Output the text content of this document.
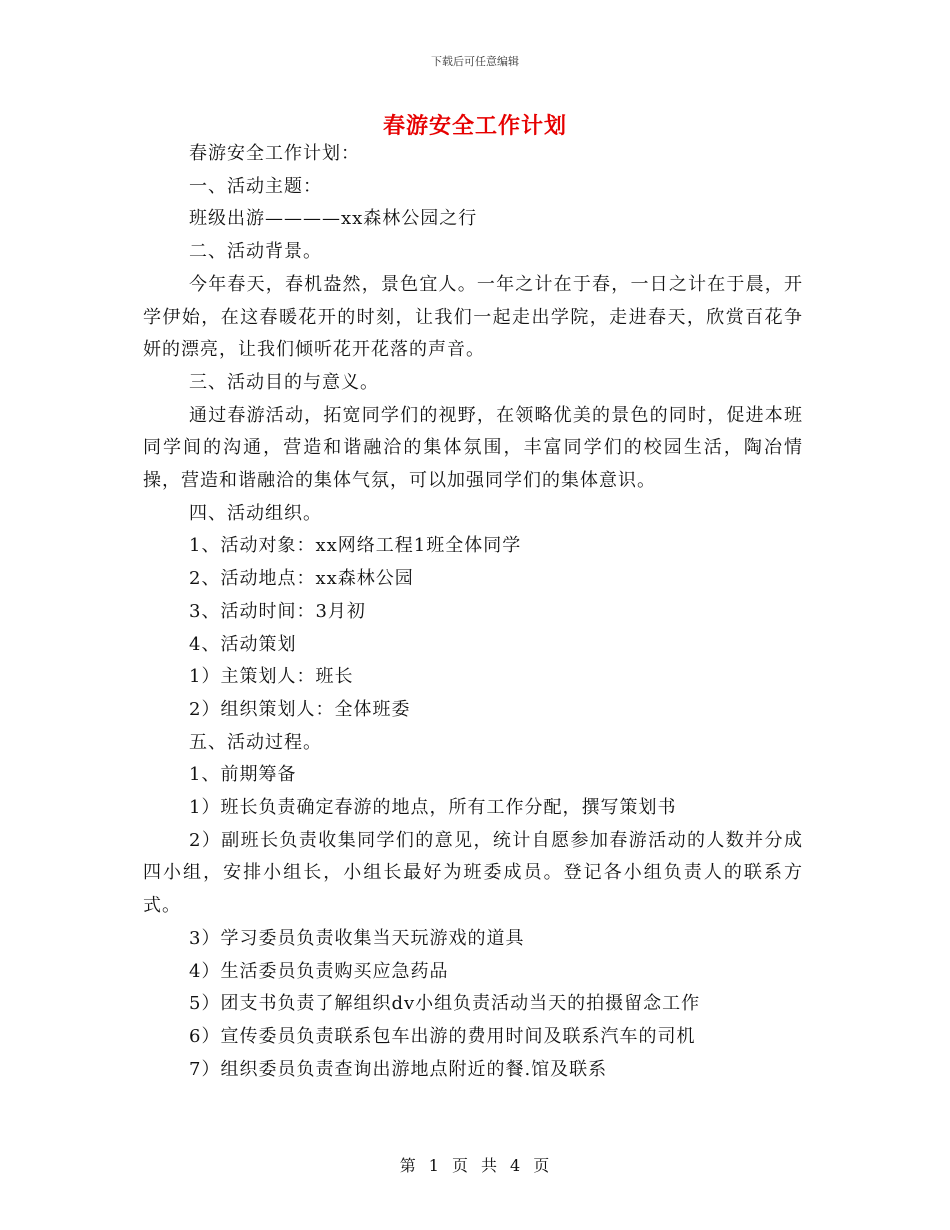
下载后可任意编辑
春游安全工作计划

春游安全工作计划：

一、活动主题：

班级出游————xx森林公园之行

二、活动背景。

今年春天，春机盎然，景色宜人。一年之计在于春，一日之计在于晨，开学伊始，在这春暖花开的时刻，让我们一起走出学院，走进春天，欣赏百花争妍的漂亮，让我们倾听花开花落的声音。

三、活动目的与意义。

通过春游活动，拓宽同学们的视野，在领略优美的景色的同时，促进本班同学间的沟通，营造和谐融洽的集体氛围，丰富同学们的校园生活，陶冶情操，营造和谐融洽的集体气氛，可以加强同学们的集体意识。

四、活动组织。

1、活动对象：xx网络工程1班全体同学

2、活动地点：xx森林公园

3、活动时间：3月初

4、活动策划

1）主策划人：班长

2）组织策划人：全体班委

五、活动过程。

1、前期筹备

1）班长负责确定春游的地点，所有工作分配，撰写策划书

2）副班长负责收集同学们的意见，统计自愿参加春游活动的人数并分成四小组，安排小组长，小组长最好为班委成员。登记各小组负责人的联系方式。

3）学习委员负责收集当天玩游戏的道具

4）生活委员负责购买应急药品

5）团支书负责了解组织dv小组负责活动当天的拍摄留念工作

6）宣传委员负责联系包车出游的费用时间及联系汽车的司机

7）组织委员负责查询出游地点附近的餐.馆及联系

第 1 页 共 4 页
